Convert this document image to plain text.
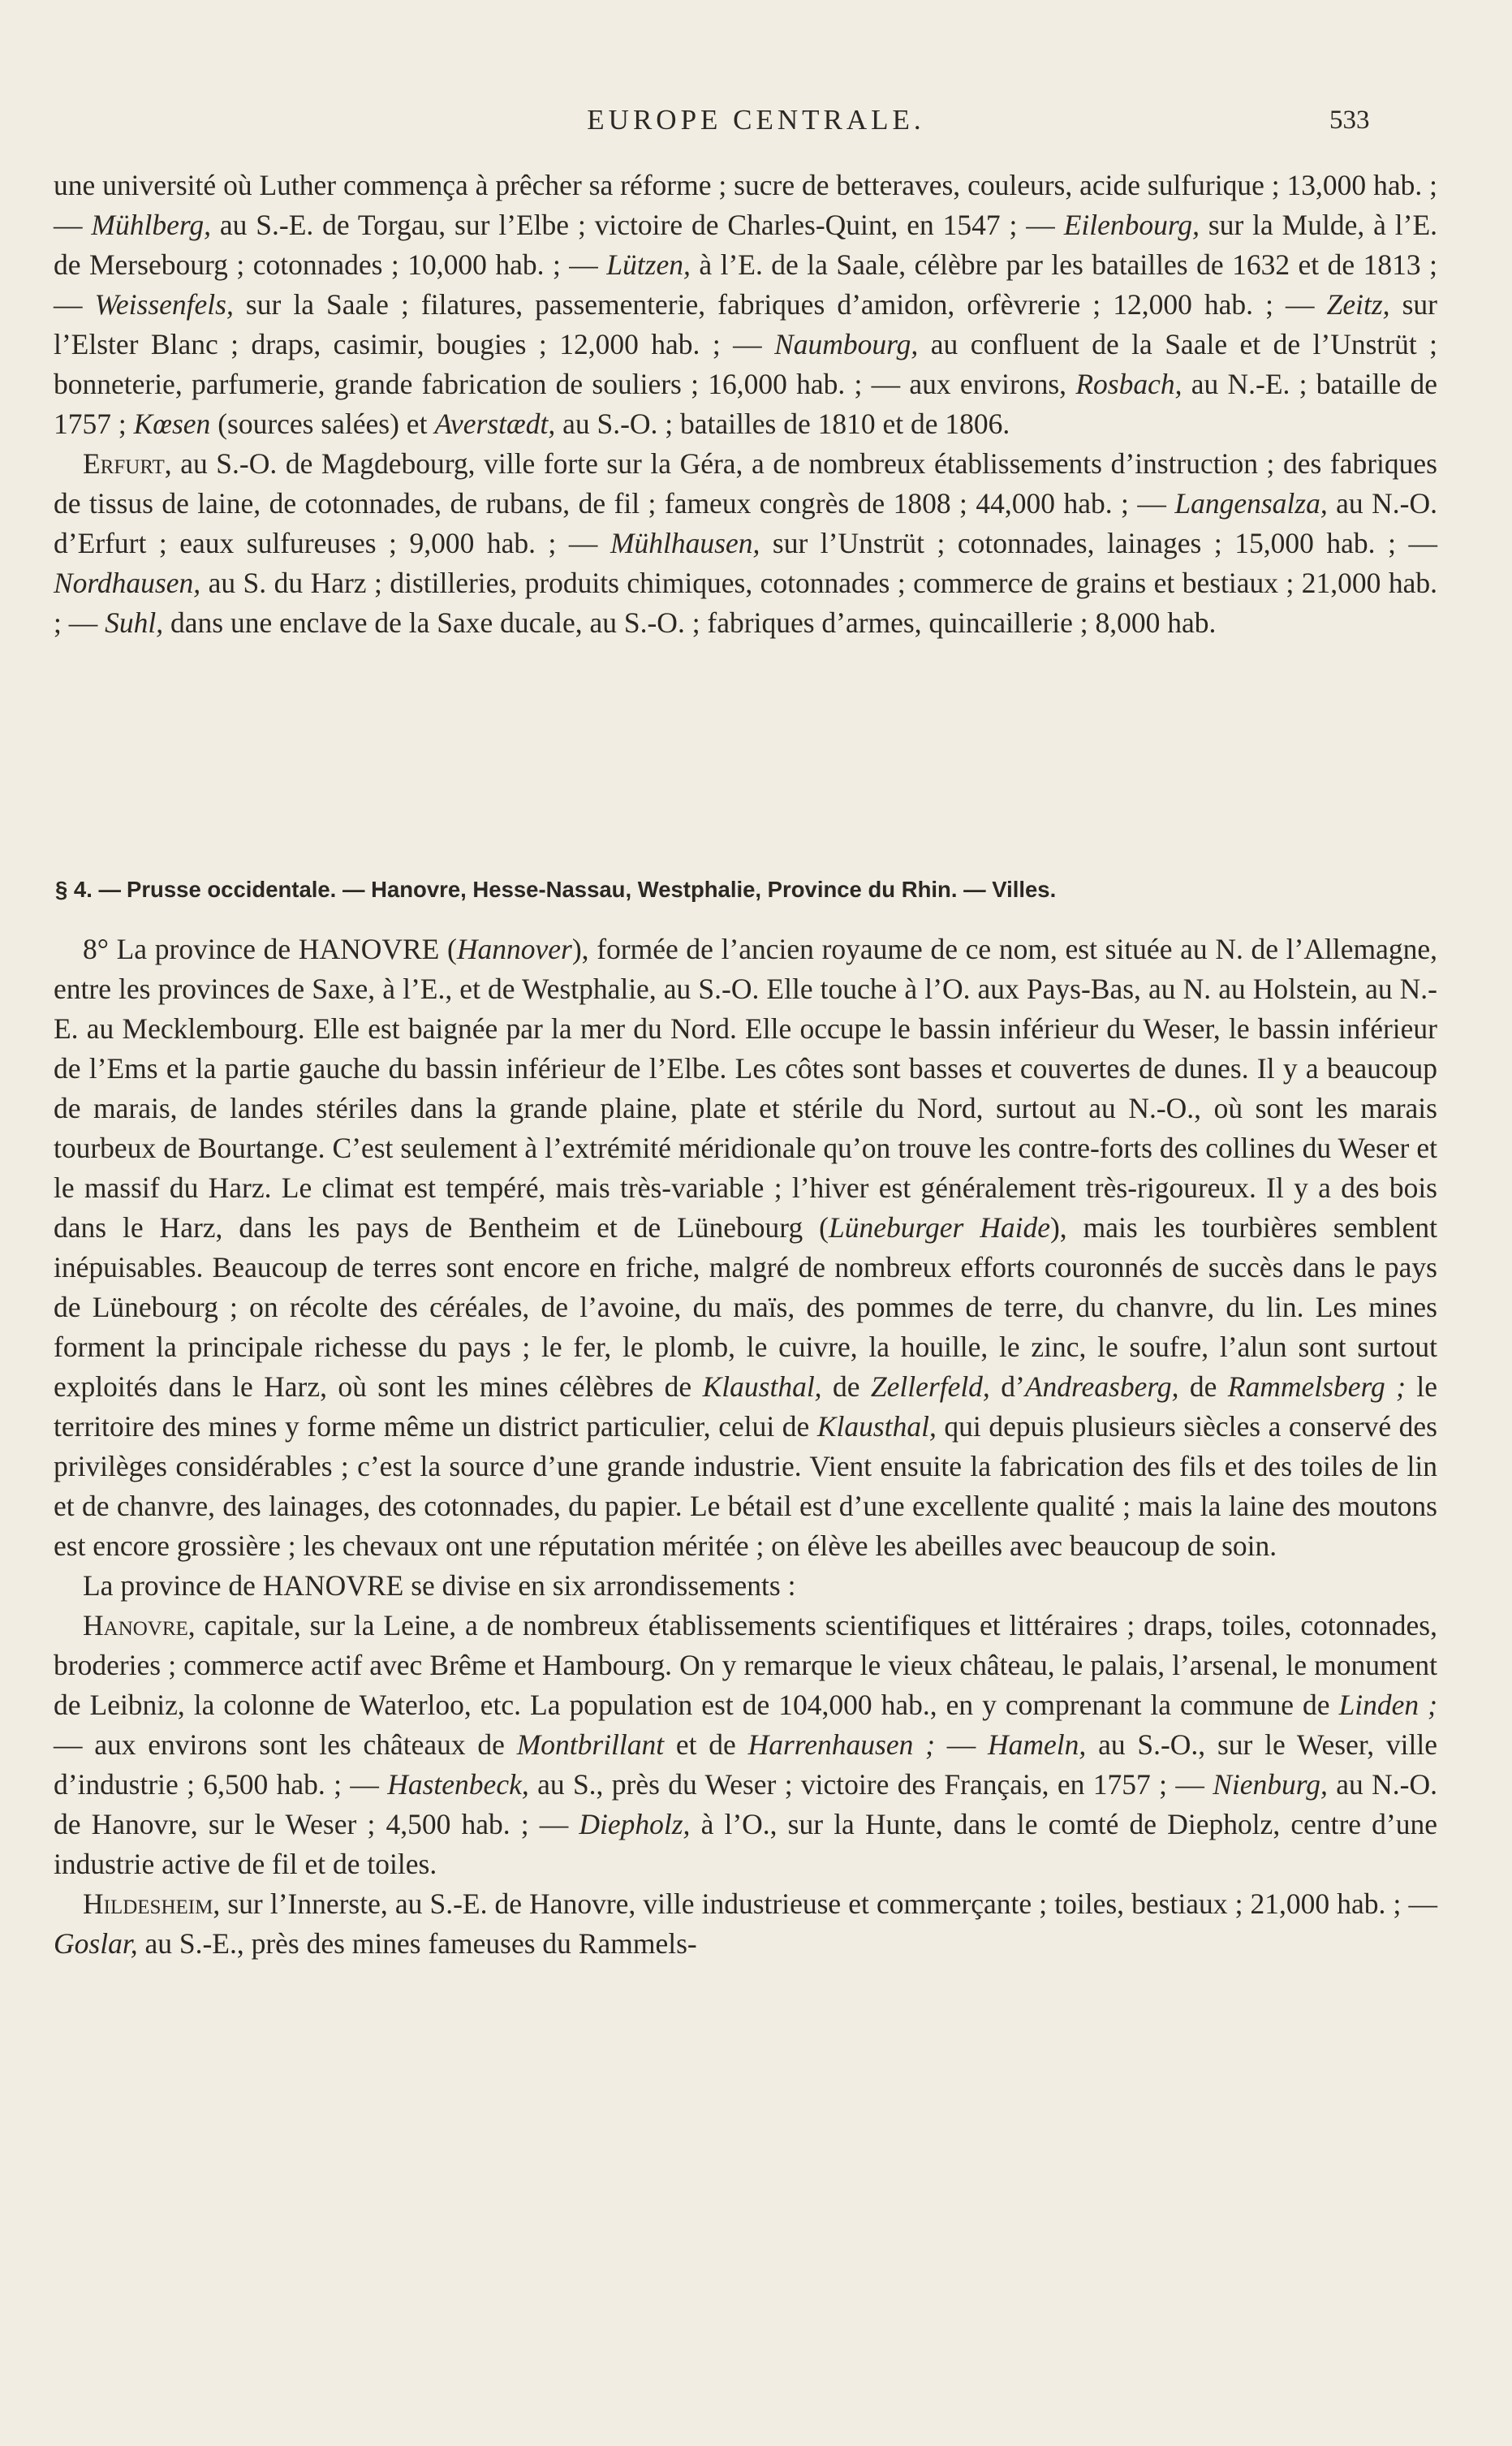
EUROPE CENTRALE.	533

une université où Luther commença à prêcher sa réforme ; sucre de betteraves, couleurs, acide sulfurique ; 13,000 hab. ; — Mühlberg, au S.-E. de Torgau, sur l’Elbe ; victoire de Charles-Quint, en 1547 ; — Eilenbourg, sur la Mulde, à l’E. de Mersebourg ; cotonnades ; 10,000 hab. ; — Lützen, à l’E. de la Saale, célèbre par les batailles de 1632 et de 1813 ; — Weissenfels, sur la Saale ; filatures, passementerie, fabriques d’amidon, orfèvrerie ; 12,000 hab. ; — Zeitz, sur l’Elster Blanc ; draps, casimir, bougies ; 12,000 hab. ; — Naumbourg, au confluent de la Saale et de l’Unstrüt ; bonneterie, parfumerie, grande fabrication de souliers ; 16,000 hab. ; — aux environs, Rosbach, au N.-E. ; bataille de 1757 ; Kœsen (sources salées) et Averstædt, au S.-O. ; batailles de 1810 et de 1806.

Erfurt, au S.-O. de Magdebourg, ville forte sur la Géra, a de nombreux établissements d’instruction ; des fabriques de tissus de laine, de cotonnades, de rubans, de fil ; fameux congrès de 1808 ; 44,000 hab. ; — Langensalza, au N.-O. d’Erfurt ; eaux sulfureuses ; 9,000 hab. ; — Mühlhausen, sur l’Unstrüt ; cotonnades, lainages ; 15,000 hab. ; — Nordhausen, au S. du Harz ; distilleries, produits chimiques, cotonnades ; commerce de grains et bestiaux ; 21,000 hab. ; — Suhl, dans une enclave de la Saxe ducale, au S.-O. ; fabriques d’armes, quincaillerie ; 8,000 hab.

§ 4. — Prusse occidentale. — Hanovre, Hesse-Nassau, Westphalie, Province du Rhin. — Villes.

8° La province de HANOVRE (Hannover), formée de l’ancien royaume de ce nom, est située au N. de l’Allemagne, entre les provinces de Saxe, à l’E., et de Westphalie, au S.-O. Elle touche à l’O. aux Pays-Bas, au N. au Holstein, au N.-E. au Mecklembourg. Elle est baignée par la mer du Nord. Elle occupe le bassin inférieur du Weser, le bassin inférieur de l’Ems et la partie gauche du bassin inférieur de l’Elbe. Les côtes sont basses et couvertes de dunes. Il y a beaucoup de marais, de landes stériles dans la grande plaine, plate et stérile du Nord, surtout au N.-O., où sont les marais tourbeux de Bourtange. C’est seulement à l’extrémité méridionale qu’on trouve les contre-forts des collines du Weser et le massif du Harz. Le climat est tempéré, mais très-variable ; l’hiver est généralement très-rigoureux. Il y a des bois dans le Harz, dans les pays de Bentheim et de Lünebourg (Lüneburger Haide), mais les tourbières semblent inépuisables. Beaucoup de terres sont encore en friche, malgré de nombreux efforts couronnés de succès dans le pays de Lünebourg ; on récolte des céréales, de l’avoine, du maïs, des pommes de terre, du chanvre, du lin. Les mines forment la principale richesse du pays ; le fer, le plomb, le cuivre, la houille, le zinc, le soufre, l’alun sont surtout exploités dans le Harz, où sont les mines célèbres de Klausthal, de Zellerfeld, d’Andreasberg, de Rammelsberg ; le territoire des mines y forme même un district particulier, celui de Klausthal, qui depuis plusieurs siècles a conservé des privilèges considérables ; c’est la source d’une grande industrie. Vient ensuite la fabrication des fils et des toiles de lin et de chanvre, des lainages, des cotonnades, du papier. Le bétail est d’une excellente qualité ; mais la laine des moutons est encore grossière ; les chevaux ont une réputation méritée ; on élève les abeilles avec beaucoup de soin.

La province de HANOVRE se divise en six arrondissements :

Hanovre, capitale, sur la Leine, a de nombreux établissements scientifiques et littéraires ; draps, toiles, cotonnades, broderies ; commerce actif avec Brême et Hambourg. On y remarque le vieux château, le palais, l’arsenal, le monument de Leibniz, la colonne de Waterloo, etc. La population est de 104,000 hab., en y comprenant la commune de Linden ; — aux environs sont les châteaux de Montbrillant et de Harrenhausen ; — Hameln, au S.-O., sur le Weser, ville d’industrie ; 6,500 hab. ; — Hastenbeck, au S., près du Weser ; victoire des Français, en 1757 ; — Nienburg, au N.-O. de Hanovre, sur le Weser ; 4,500 hab. ; — Diepholz, à l’O., sur la Hunte, dans le comté de Diepholz, centre d’une industrie active de fil et de toiles.

Hildesheim, sur l’Innerste, au S.-E. de Hanovre, ville industrieuse et commerçante ; toiles, bestiaux ; 21,000 hab. ; — Goslar, au S.-E., près des mines fameuses du Rammels-
